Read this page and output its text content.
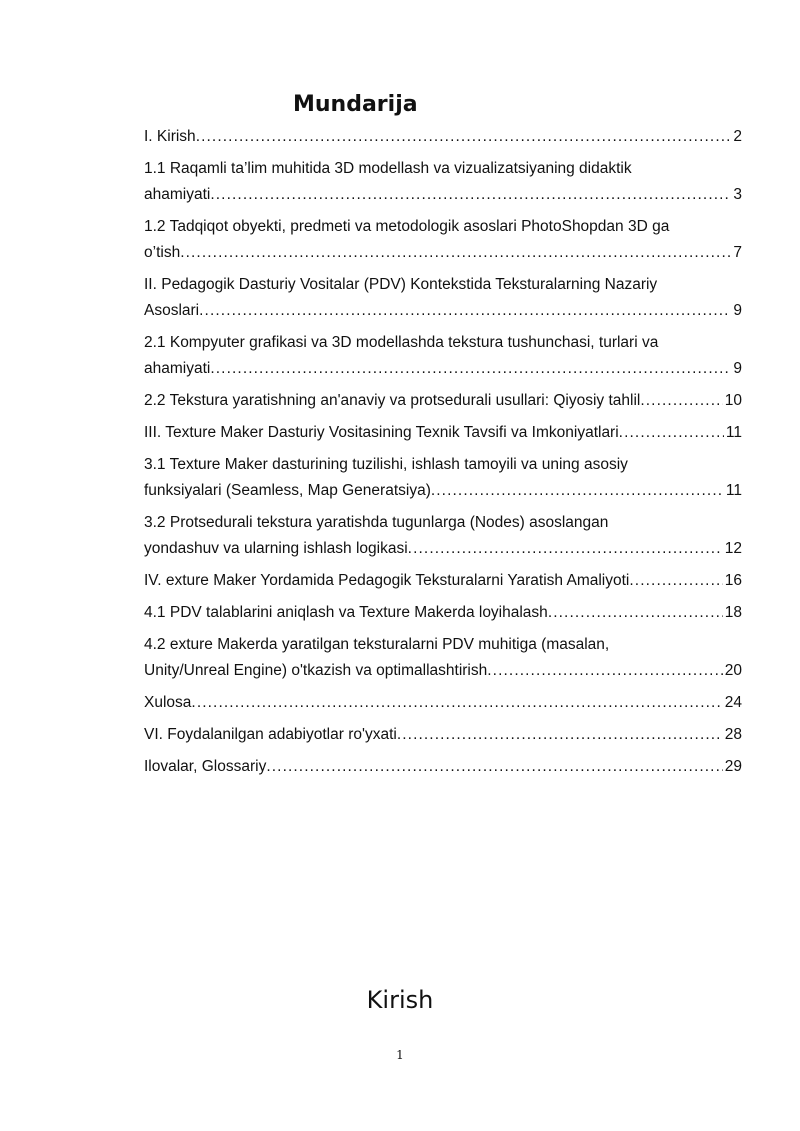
Mundarija
I. Kirish . . .	2
1.1 Raqamli ta’lim muhitida 3D modellash va vizualizatsiyaning didaktik
ahamiyati . . .	3
1.2 Tadqiqot obyekti, predmeti va metodologik asoslari PhotoShopdan 3D ga
o’tish . . .	7
II. Pedagogik Dasturiy Vositalar (PDV) Kontekstida Teksturalarning Nazariy
Asoslari . . .	9
2.1 Kompyuter grafikasi va 3D modellashda tekstura tushunchasi, turlari va
ahamiyati . . .	9
2.2 Tekstura yaratishning an'anaviy va protsedurali usullari: Qiyosiy tahlil . . .	10
III. Texture Maker Dasturiy Vositasining Texnik Tavsifi va Imkoniyatlari . . .	11
3.1 Texture Maker dasturining tuzilishi, ishlash tamoyili va uning asosiy
funksiyalari (Seamless, Map Generatsiya) . . .	11
3.2 Protsedurali tekstura yaratishda tugunlarga (Nodes) asoslangan
yondashuv va ularning ishlash logikasi . . .	12
IV. exture Maker Yordamida Pedagogik Teksturalarni Yaratish Amaliyoti . . .	16
4.1 PDV talablarini aniqlash va Texture Makerda loyihalash . . .	18
4.2 exture Makerda yaratilgan teksturalarni PDV muhitiga (masalan,
Unity/Unreal Engine) o'tkazish va optimallashtirish . . .	20
Xulosa . . .	24
VI. Foydalanilgan adabiyotlar ro'yxati . . .	28
Ilovalar, Glossariy . . .	29
Kirish
1
